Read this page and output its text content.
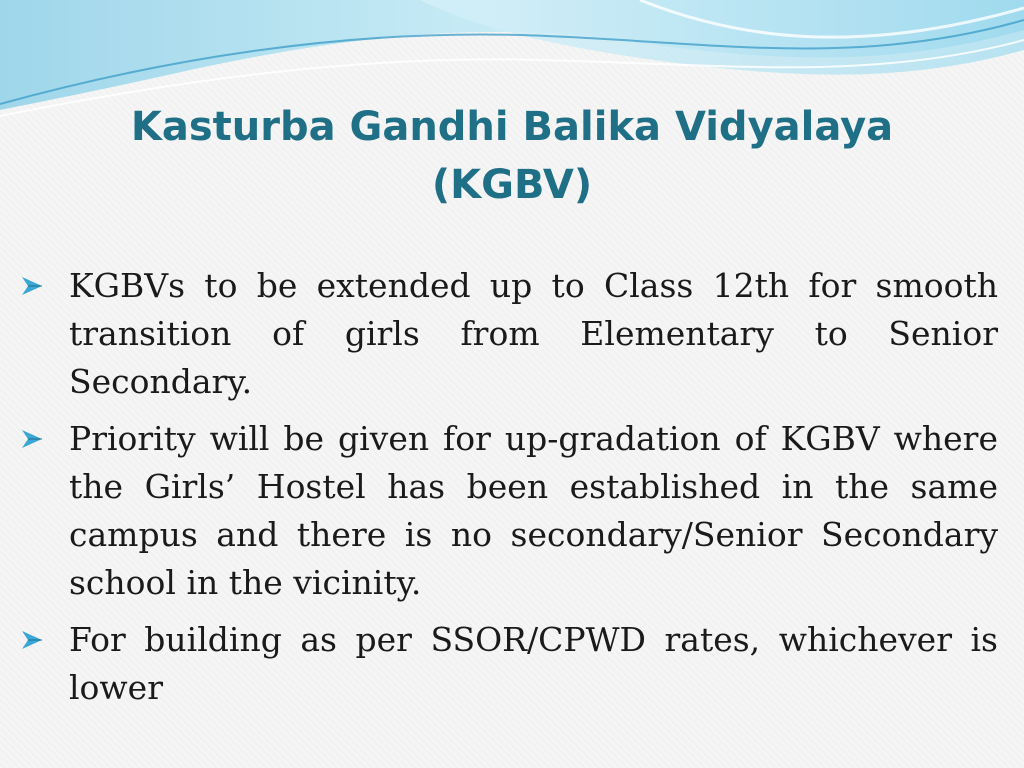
Kasturba Gandhi Balika Vidyalaya
(KGBV)
KGBVs to be extended up to Class 12th for smooth transition of girls from Elementary to Senior Secondary.
Priority will be given for up-gradation of KGBV where the Girls’ Hostel has been established in the same campus and there is no secondary/Senior Secondary school in the vicinity.
For building as per SSOR/CPWD rates, whichever is lower
